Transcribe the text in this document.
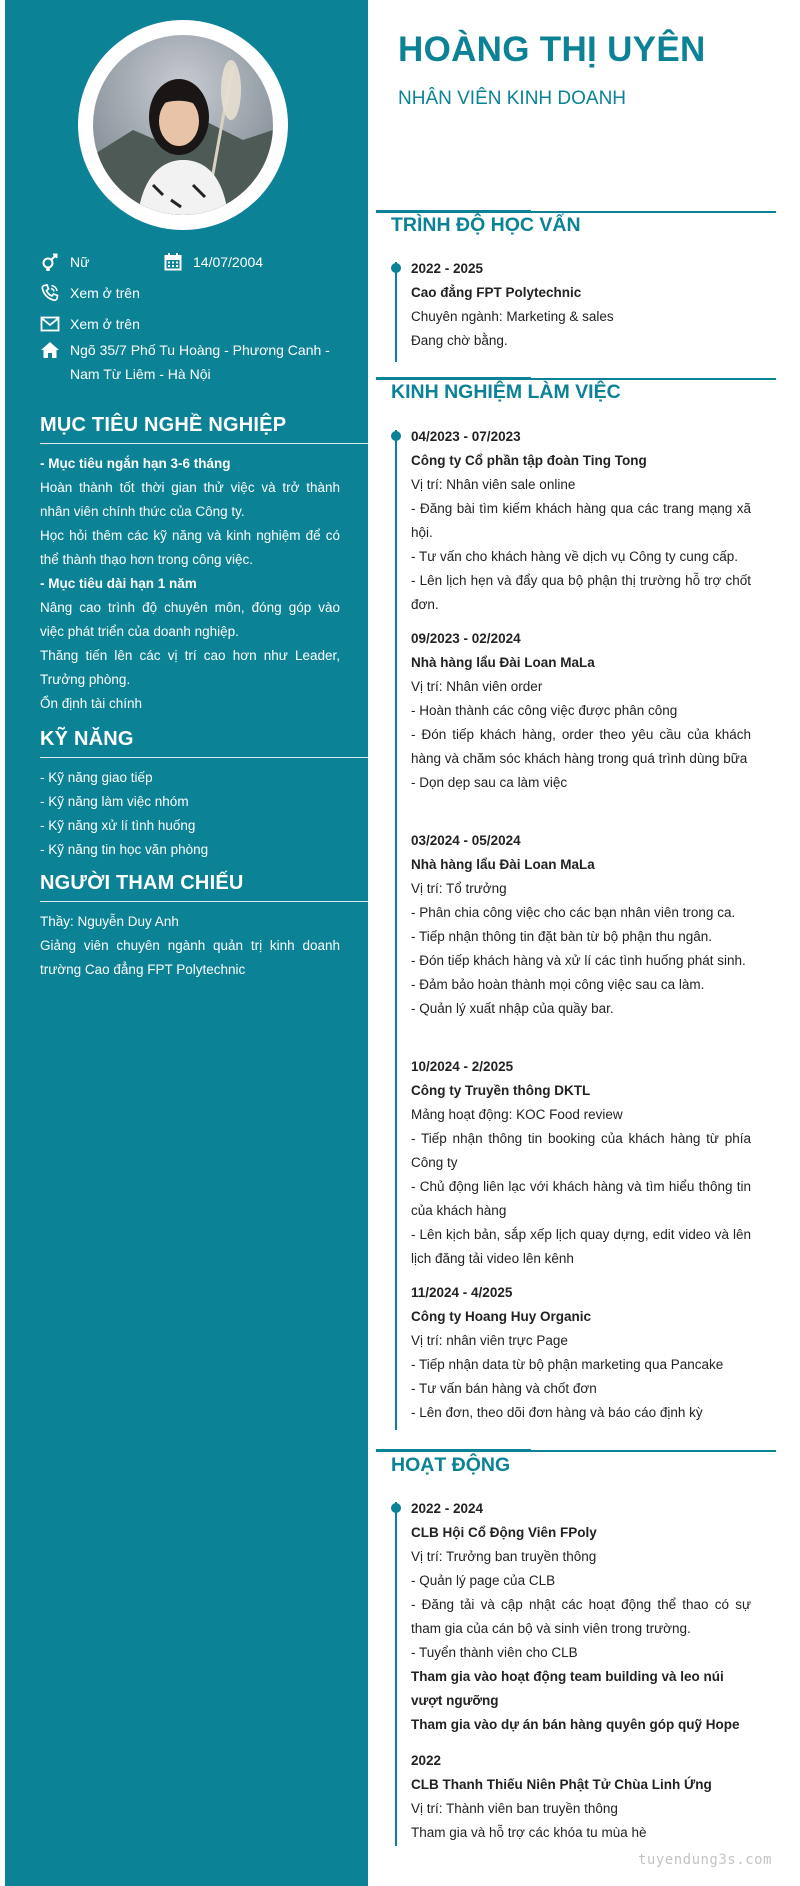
Nữ	14/07/2004
Xem ở trên
Xem ở trên
Ngõ 35/7 Phố Tu Hoàng - Phương Canh -
Nam Từ Liêm - Hà Nội
MỤC TIÊU NGHỀ NGHIỆP

- Mục tiêu ngắn hạn 3-6 tháng

Hoàn thành tốt thời gian thử việc và trở thành nhân viên chính thức của Công ty.

Học hỏi thêm các kỹ năng và kinh nghiệm để có thể thành thạo hơn trong công việc.

- Mục tiêu dài hạn 1 năm

Nâng cao trình độ chuyên môn, đóng góp vào việc phát triển của doanh nghiệp.

Thăng tiến lên các vị trí cao hơn như Leader, Trưởng phòng.

Ổn định tài chính

KỸ NĂNG

- Kỹ năng giao tiếp

- Kỹ năng làm việc nhóm

- Kỹ năng xử lí tình huống

- Kỹ năng tin học văn phòng

NGƯỜI THAM CHIẾU

Thầy: Nguyễn Duy Anh

Giảng viên chuyên ngành quản trị kinh doanh trường Cao đẳng FPT Polytechnic

HOÀNG THỊ UYÊN
NHÂN VIÊN KINH DOANH
TRÌNH ĐỘ HỌC VẤN

2022 - 2025

Cao đẳng FPT Polytechnic

Chuyên ngành: Marketing & sales

Đang chờ bằng.

KINH NGHIỆM LÀM VIỆC

04/2023 - 07/2023

Công ty Cổ phần tập đoàn Ting Tong

Vị trí: Nhân viên sale online

- Đăng bài tìm kiếm khách hàng qua các trang mạng xã hội.

- Tư vấn cho khách hàng về dịch vụ Công ty cung cấp.

- Lên lịch hẹn và đẩy qua bộ phận thị trường hỗ trợ chốt đơn.

09/2023 - 02/2024

Nhà hàng lẩu Đài Loan MaLa

Vị trí: Nhân viên order

- Hoàn thành các công việc được phân công

- Đón tiếp khách hàng, order theo yêu cầu của khách hàng và chăm sóc khách hàng trong quá trình dùng bữa

- Dọn dẹp sau ca làm việc

03/2024 - 05/2024

Nhà hàng lẩu Đài Loan MaLa

Vị trí: Tổ trưởng

- Phân chia công việc cho các bạn nhân viên trong ca.

- Tiếp nhận thông tin đặt bàn từ bộ phận thu ngân.

- Đón tiếp khách hàng và xử lí các tình huống phát sinh.

- Đảm bảo hoàn thành mọi công việc sau ca làm.

- Quản lý xuất nhập của quầy bar.

10/2024 - 2/2025

Công ty Truyền thông DKTL

Mảng hoạt động: KOC Food review

- Tiếp nhận thông tin booking của khách hàng từ phía Công ty

- Chủ động liên lạc với khách hàng và tìm hiểu thông tin của khách hàng

- Lên kịch bản, sắp xếp lịch quay dựng, edit video và lên lịch đăng tải video lên kênh

11/2024 - 4/2025

Công ty Hoang Huy Organic

Vị trí: nhân viên trực Page

- Tiếp nhận data từ bộ phận marketing qua Pancake

- Tư vấn bán hàng và chốt đơn

- Lên đơn, theo dõi đơn hàng và báo cáo định kỳ

HOẠT ĐỘNG

2022 - 2024

CLB Hội Cổ Động Viên FPoly

Vị trí: Trưởng ban truyền thông

- Quản lý page của CLB

- Đăng tải và cập nhật các hoạt động thể thao có sự tham gia của cán bộ và sinh viên trong trường.

- Tuyển thành viên cho CLB

Tham gia vào hoạt động team building và leo núi vượt ngưỡng

Tham gia vào dự án bán hàng quyên góp quỹ Hope

2022

CLB Thanh Thiếu Niên Phật Tử Chùa Linh Ứng

Vị trí: Thành viên ban truyền thông

Tham gia và hỗ trợ các khóa tu mùa hè

tuyendung3s.com
